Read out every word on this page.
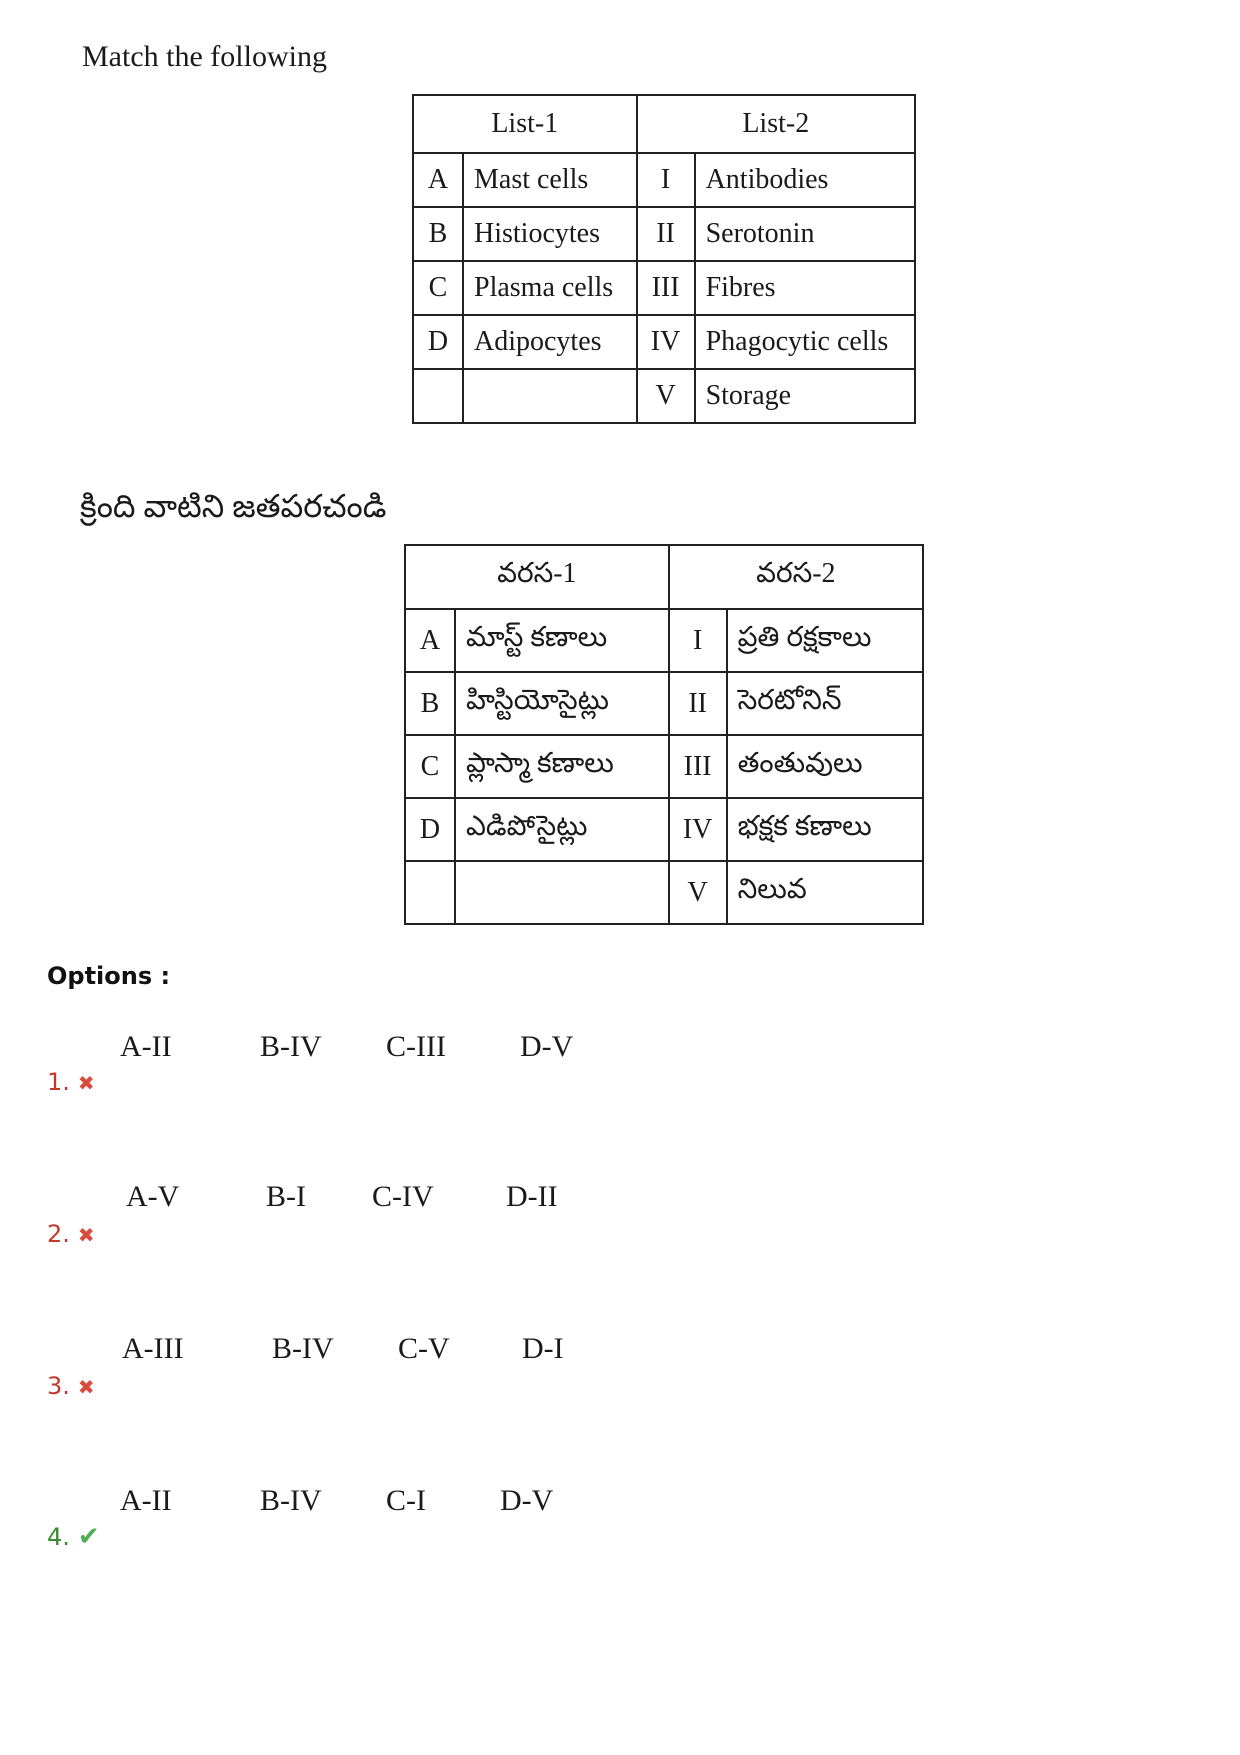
Match the following
List-1		List-2	
A	Mast cells	I	Antibodies
B	Histiocytes	II	Serotonin
C	Plasma cells	III	Fibres
D	Adipocytes	IV	Phagocytic cells
		V	Storage
క్రింది వాటిని జతపరచండి
వరస-1		వరస-2	
A	మాస్ట్ కణాలు	I	ప్రతి రక్షకాలు
B	హిస్టియోసైట్లు	II	సెరటోనిన్
C	ప్లాస్మా కణాలు	III	తంతువులు
D	ఎడిపోసైట్లు	IV	భక్షక కణాలు
		V	నిలువ
Options :
1. ✖
A-II	B-IV C-III D-V
2. ✖
A-V	B-I C-IV D-II
3. ✖
A-III	B-IV C-V D-I
4. ✔
A-II	B-IV C-I D-V
